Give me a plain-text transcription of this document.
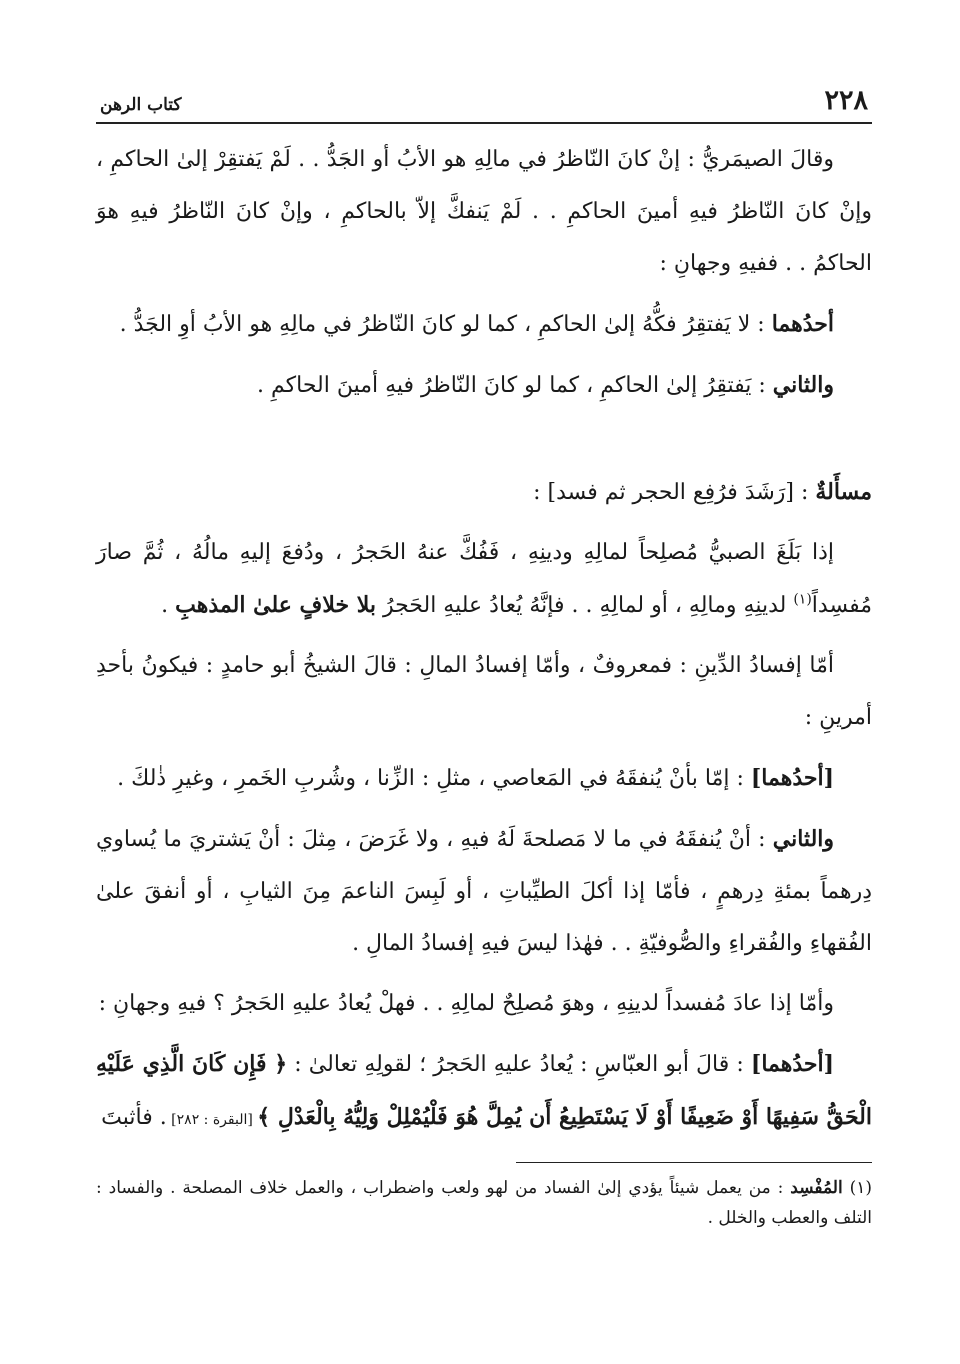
٢٢٨
كتاب الرهن

وقالَ الصيمَريُّ : إنْ كانَ النّاظرُ في مالِهِ هو الأبُ أو الجَدُّ . . لَمْ يَفتقِرْ إلىٰ الحاكمِ ، وإنْ كانَ النّاظرُ فيهِ أمينَ الحاكمِ . . لَمْ يَنفكَّ إلاّ بالحاكمِ ، وإنْ كانَ النّاظرُ فيهِ هوَ الحاكمُ . . ففيهِ وجهانِ :

أحدُهما : لا يَفتقِرُ فكُّهُ إلىٰ الحاكمِ ، كما لو كانَ النّاظرُ في مالِهِ هو الأبُ أوِ الجَدُّ .

والثاني : يَفتقِرُ إلىٰ الحاكمِ ، كما لو كانَ النّاظرُ فيهِ أمينَ الحاكمِ .

مسأَلةٌ : [رَشَدَ فرُفِع الحجر ثم فسد] :

إذا بَلَغَ الصبيُّ مُصلِحاً لمالِهِ ودينِهِ ، فَفُكَّ عنهُ الحَجرُ ، ودُفعَ إليهِ مالُهُ ، ثُمَّ صارَ مُفسِداً$^{(١)}$ لدينِهِ ومالِهِ ، أو لمالِهِ . . فإنَّهُ يُعادُ عليهِ الحَجرُ بلا خلافٍ علىٰ المذهبِ .

أمّا إفسادُ الدِّينِ : فمعروفٌ ، وأمّا إفسادُ المالِ : قالَ الشيخُ أبو حامدٍ : فيكونُ بأحدِ أمرينِ :

[أحدُهما] : إمّا بأنْ يُنفقَهُ في المَعاصي ، مثلِ : الزِّنا ، وشُربِ الخَمرِ ، وغيرِ ذٰلكَ .

والثاني : أنْ يُنفقَهُ في ما لا مَصلحةَ لَهُ فيهِ ، ولا غَرَضَ ، مِثلَ : أنْ يَشتريَ ما يُساوي دِرهماً بمئةِ دِرهمٍ ، فأمّا إذا أكلَ الطيِّباتِ ، أو لَبِسَ الناعمَ مِنَ الثيابِ ، أو أنفقَ علىٰ الفُقهاءِ والفُقراءِ والصُّوفيّةِ . . فهٰذا ليسَ فيهِ إفسادُ المالِ .

وأمّا إذا عادَ مُفسداً لدينِهِ ، وهوَ مُصلِحٌ لمالِهِ . . فهلْ يُعادُ عليهِ الحَجرُ ؟ فيهِ وجهانِ :

[أحدُهما] : قالَ أبو العبّاسِ : يُعادُ عليهِ الحَجرُ ؛ لقولِهِ تعالىٰ : ﴿ فَإِن كَانَ الَّذِي عَلَيْهِ الْحَقُّ سَفِيهًا أَوْ ضَعِيفًا أَوْ لَا يَسْتَطِيعُ أَن يُمِلَّ هُوَ فَلْيُمْلِلْ وَلِيُّهُ بِالْعَدْلِ ﴾ [البقرة : ٢٨٢] . فأثبتَ

(١) المُفْسِد : من يعمل شيئاً يؤدي إلىٰ الفساد من لهو ولعب واضطراب ، والعمل خلاف المصلحة . والفساد : التلف والعطب والخلل .
